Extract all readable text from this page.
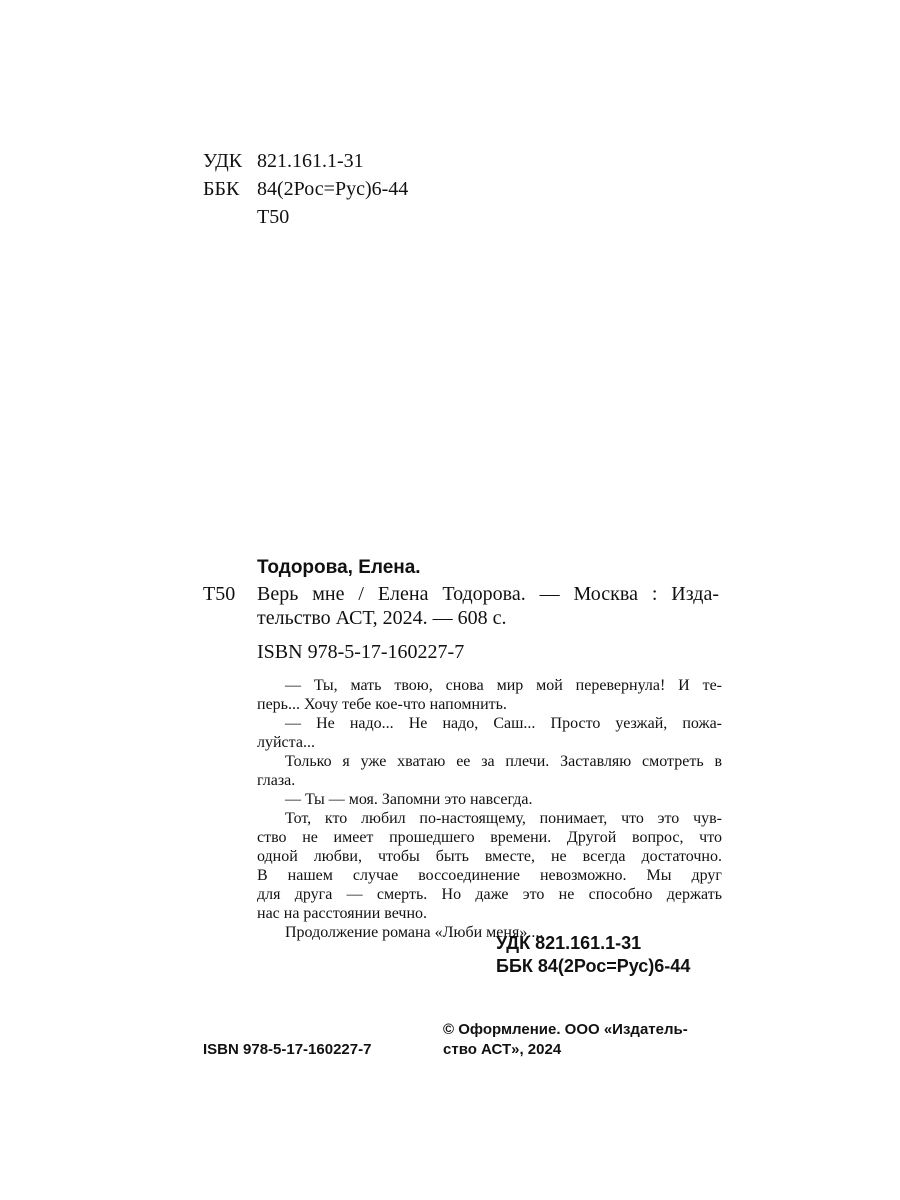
УДК 821.161.1-31
ББК 84(2Рос=Рус)6-44
Т50
Тодорова, Елена.
Т50 Верь мне / Елена Тодорова. — Москва : Изда-
тельство АСТ, 2024. — 608 с.
ISBN 978-5-17-160227-7
— Ты, мать твою, снова мир мой перевернула! И те-
перь... Хочу тебе кое-что напомнить.
— Не надо... Не надо, Саш... Просто уезжай, пожа-
луйста...
Только я уже хватаю ее за плечи. Заставляю смотреть в
глаза.
— Ты — моя. Запомни это навсегда.
Тот, кто любил по-настоящему, понимает, что это чув-
ство не имеет прошедшего времени. Другой вопрос, что
одной любви, чтобы быть вместе, не всегда достаточно.
В нашем случае воссоединение невозможно. Мы друг
для друга — смерть. Но даже это не способно держать
нас на расстоянии вечно.
Продолжение романа «Люби меня»....
УДК 821.161.1-31
ББК 84(2Рос=Рус)6-44
ISBN 978-5-17-160227-7
© Оформление. ООО «Издатель-
ство АСТ», 2024
